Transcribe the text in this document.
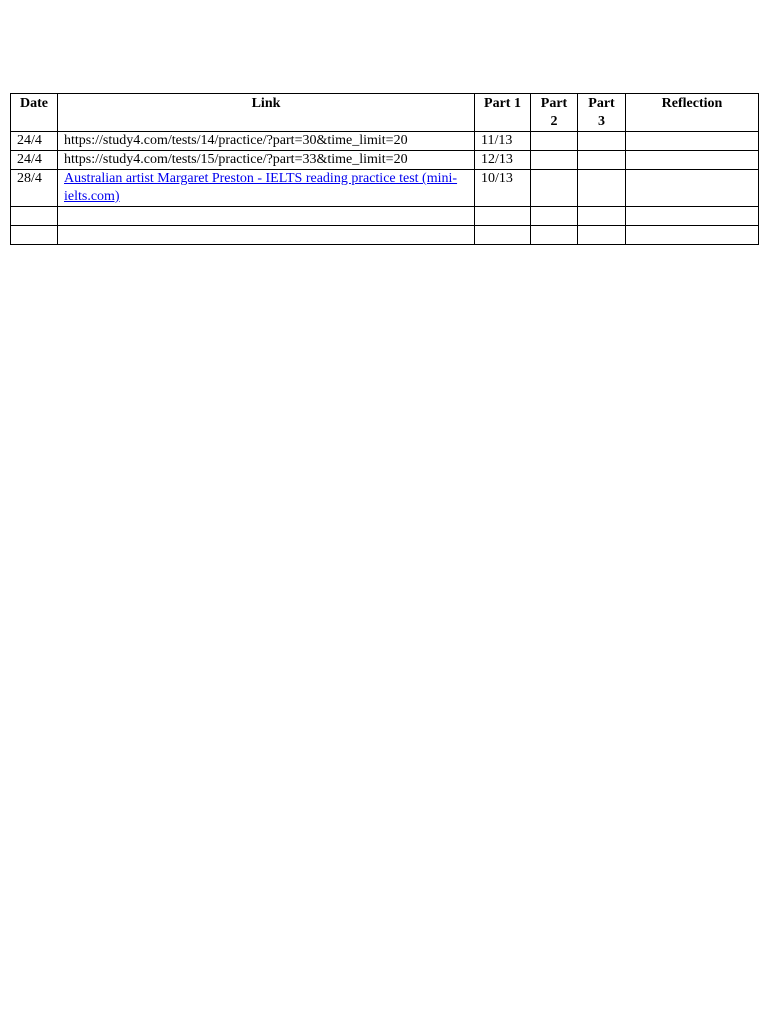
Date	Link	Part 1	Part 2	Part 3	Reflection
24/4	https://study4.com/tests/14/practice/?part=30&time_limit=20	11/13			
24/4	https://study4.com/tests/15/practice/?part=33&time_limit=20	12/13			
28/4	Australian artist Margaret Preston - IELTS reading practice test (mini-ielts.com)	10/13			
